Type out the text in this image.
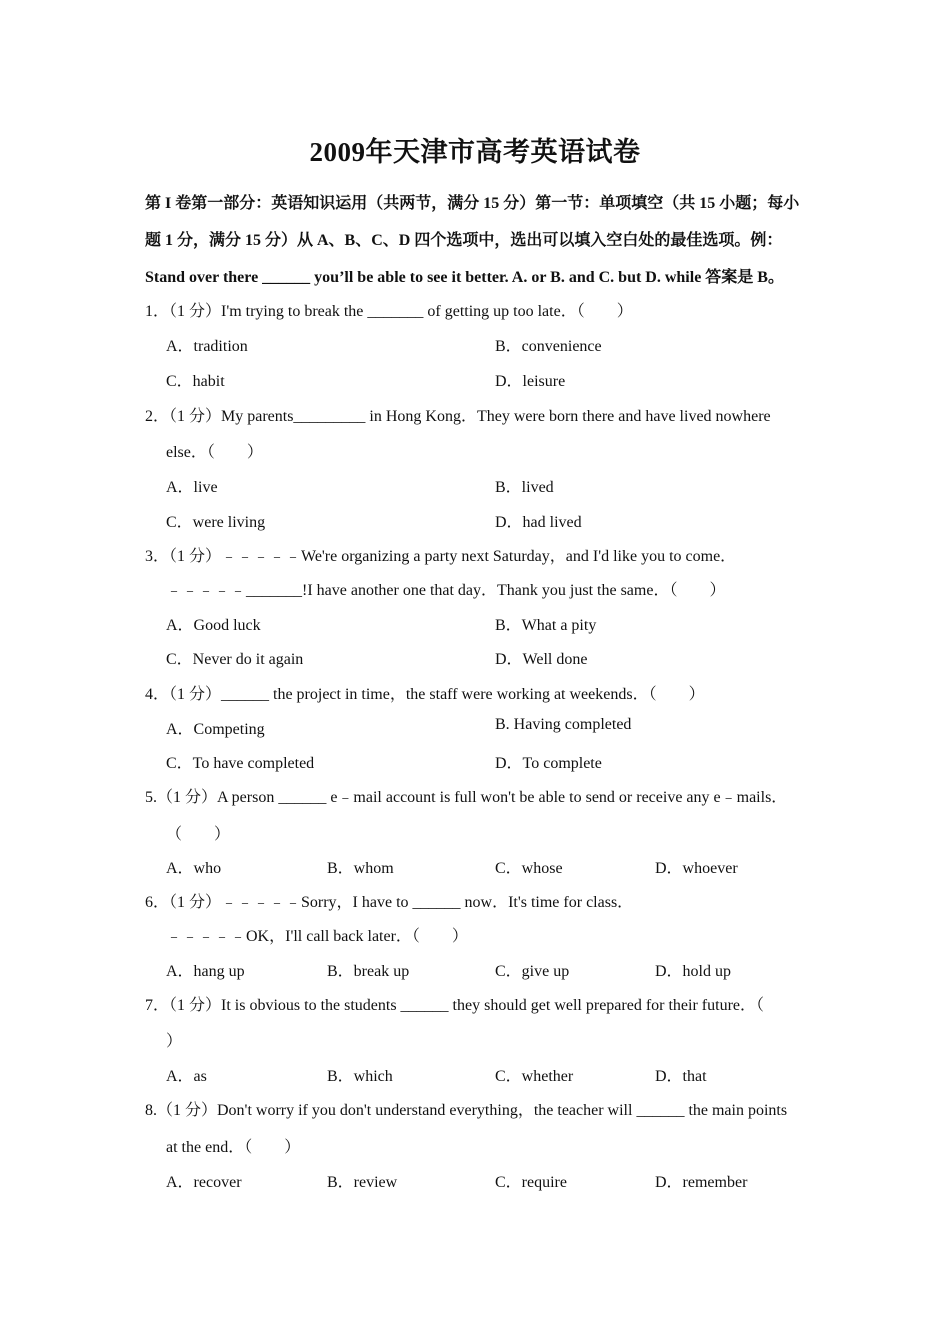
2009年天津市高考英语试卷
第 I 卷第一部分：英语知识运用（共两节，满分 15 分）第一节：单项填空（共 15 小题；每小题 1 分，满分 15 分）从 A、B、C、D 四个选项中，选出可以填入空白处的最佳选项。例：Stand over there ______ you’ll be able to see it better. A. or B. and C. but D. while 答案是 B。
1．（1 分）I'm trying to break the _______ of getting up too late．（　　）
A．tradition	B．convenience
C．habit	D．leisure
2．（1 分）My parents_________ in Hong Kong．They were born there and have lived nowhere
else．（　　）
A．live	B．lived
C．were living	D．had lived
3．（1 分）﹣﹣﹣﹣﹣We're organizing a party next Saturday，and I'd like you to come．
﹣﹣﹣﹣﹣_______!I have another one that day．Thank you just the same．（　　）
A．Good luck	B．What a pity
C．Never do it again	D．Well done
4．（1 分）______ the project in time，the staff were working at weekends．（　　）
A．Competing	B. Having completed
C．To have completed	D．To complete
5.（1 分）A person ______ e﹣mail account is full won't be able to send or receive any e﹣mails．
（　　）
A．who	B．whom	C．whose	D．whoever
6．（1 分）﹣﹣﹣﹣﹣Sorry，I have to ______ now．It's time for class．
﹣﹣﹣﹣﹣OK，I'll call back later．（　　）
A．hang up	B．break up	C．give up	D．hold up
7．（1 分）It is obvious to the students ______ they should get well prepared for their future．（
）
A．as	B．which	C．whether	D．that
8.（1 分）Don't worry if you don't understand everything，the teacher will ______ the main points
at the end．（　　）
A．recover	B．review	C．require	D．remember
